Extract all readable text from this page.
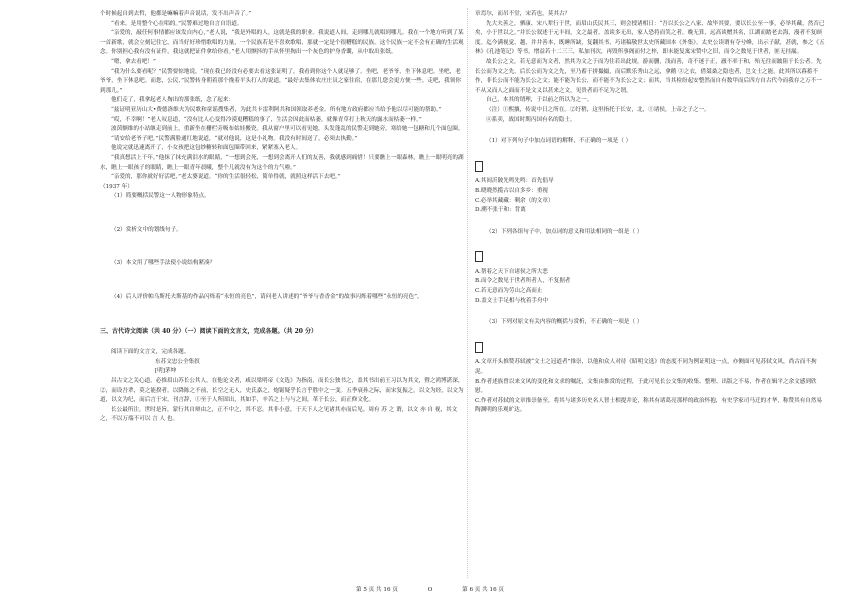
个时候起自到去哲，他都是嘛嘛着声音说话，发不出声音了。”

“看来，是用整个心在唱的。”民警难过地自言自语道。

“亲爱的，敲任何事情都应该发自内心，”老人说，“我是外唱的人。这就是我的职业。我说道人间，走到哪儿就唱到哪儿。我在一个地方听到了某一首新歌，就会立刻记住它，而当好好珍惜歌唱的力量，一个民族若是不喜欢歌唱，那就一定是个很糟糕的民族。这个民族一定不会有正确的生活观念。你别担心我有没有证件，我这就把证件拿给你看。”老人用颤抖的手从怀里掏出一个灰色的护身香囊，从中取出张纸。

“嗯，拿去看吧！”

“我为什么要看呢？”民警要惊地说，“现在我已经没有必要去看这张证明了，我看到你这个人就足够了。坐吧，老爷爷，坐下休息吧。坐吧，老爷爷，坐下休息吧。而您，公民，”民警转身朝着那个挽着平头打人的说道，“最好去集体农庄庄员之家住宿，在那儿您会更方便一些。走吧，我领你到那儿。”

他们走了，我拿起老人掏出的那张纸，念了起来：

“兹证明亚历山大•费德洛维夫为民歌和童谣搜集者，为此共卡雷利阿共和国领取养老金。所有地方政府都应当给予他以尽可能的帮助。”

“哎，不幸啊！”老人叹息道，“没有比人心变得冷漠更糟糕的事了，生活会因此而枯萎，就像青草打上秋天的露水而枯萎一样。”

波茵额维的小站继走到前上，重新坐在栅栏旁吸布姑娃搬瓷。我从窗户里可以看见她，头发蓬乱的民警走到她旁，寒给她一包糖和几个面包圈。

“请安给老爷子吧，”民警满脸通红地说道，“就对他说，这是小礼物。我没有时间送了，必须去执勤。”

他说完就迅速离开了，小女孩把这包纱糖转和面包圈带回来，紧紧塞入老人。

“我真想活上千年，”他抹了抹充满泪水的眼睛，“一想到会死，一想到会离开人们的友善，我就感到痛惜！只要瞧上一眼森林，瞧上一眼明亮的湖水，瞧上一眼孩子的眼睛，瞧上一眼青年晨曦，整个儿就没有为这个的力气啦。”

“亲爱的，那你就好好活吧，”老太婆说道，“你的生活很轻松，简单得就，就照这样活下去吧。”

（1937 年）

（1）简要概括民警这一人物形象特点。

（2）赏析文中的划线句子。

（3）本文用了哪些手法使小说结构紧凑？

（4）后人评价帕乌斯托夫斯基的作品闪烁着“永恒的亮色”，请问老人讲述的“爷爷与香香金”的故事闪烁着哪些“永恒的亮色”。

三、古代诗文阅读（共 40 分）（一）阅读下面的文言文，完成各题。（共 20 分）

阅读下面的文言文，完成各题。

东苏文忠公全集叙

[明]茅坤

昌古文之关心道，必推眉山苏长公其人，在他论文者，咸以梁明帝《文选》为指南，而长公独书之，盖其书出前王习以为其文，暨之鸿博湛深，②，而设吾辈，莫之能揆者。以降陈之不前，长空之无人，史氏嘉之，炮锯疑乎长言乎胜中之一变。五季衰孙之际，而宋复振之。以文为经，以文为道，以文为纪，而后言于宋，刊言辞，①至于人所固出，其如手，辛苦之上与与之间，革于长公，而正修文化。

长公最所注，世时是旨，蒙行其自辩由之，正不中之，其不忍，其非小意，于天下人之见诸其亦而后见。周有 苏 之 谓，以文 亦 自 视，其文之，不以万端不可以 言 人 也。

章焉尔，而吊不堂，宋若也，莫其古？

先大夫善之，驷康、宋八辈行于世，而眉山氏民其三，则会授诸相日：“吾以长公之八家，故毕其要，要以长公至一事，必举其藏，然否已矣，小于世以之。”并长公叙述于元丰间，文之最者，盖谈多无出，家人恐将而笑之者，晚无算，远高谈赠其名，江湖而踏老去海，漫者不复顾度。迄今满视觉，越，井井善本，既睡所缺，复翻其书，巧诸稿敬世太史所藏国本《外集》。太史公读谓有夺兮峰，出示子献，甚就，参之《五林》《孔池笔记》等书，增益若十二三三，私加刊次，再毁所事阁而付之梓，即未能复寓宋赞中之旧，而令之数见于世者，匪无挂漏。

故长公之文，若无意而为文者，然其为文之于而为往若出此规，游而删，浅而善，奇不迷于正，澈不率于和，殆无往而跛阻于长公者。先长公而为文之先，后长公而为文之先，至乃蓄于拼撮撮，而后默乐秀山之远，拿鹅 ③之衣，借桀桑之隐也者，岂文士之能。此其所以暮蓄不作，非长公而不能为长公之文；能不能为长公，而不能不为长公之文；而其，当其检纷起安整然而自有数甲而后四方自古代今而我存之万不一 不从又而人之面而不是文义以甚来之文，见贵者而不足为之谓，

自己，本其的谓理，于以前之所以为之一。

（注）①熙攘，传说中日之所在。②纡稍，这里指托于长安，北，①诸侯，上帝之子之一。

④系卖，战国时期丙国有名的隐士。

（1）对下列句子中加点词语的解释，不正确的一项是（ ）

A.其间沂陂先鸣先鸣：首先倡导

B.晓晓然揽古以自多乡：重视

C.必举其藏藏：剩余（的文章）

D.溯不张于和：背离

（2）下列各组句子中，加点词的意义和用法相同的一组是（ ）

A.帮着之天下自诸侯之所大恶

B.而令之数见于世者所者人，不复据者

C.若无意而为劳山之高而止

D.盖文士手足相与枕着手舟中

（3）下列对原文有关内容的概括与赏析，不正确的一项是（ ）

A.文章开头推赞苏轼被“文士之冠道者”推崇，以他和众人对待《昭明文选》的态度不同为例证明这一点，亦侧面可见苏轼文风，尚古而不拘泥。

B.作者述族曾以来文风的变化和文求的嘱託，文集由推赏的过程，于此可见长公文集的收集、整理、出版之不易，作者在辑平之余文感到欣慰。

C.作者对苏轼的文章推崇备至，将其与诸多历史名人智士相提并论，称其有诸葛亮那样的政治怀抱，有史学家司马迁的才华，称赞其有自然易陶渊明的乐观旷达。

第 5 页 共 16 页	O	第 6 页 共 16 页
